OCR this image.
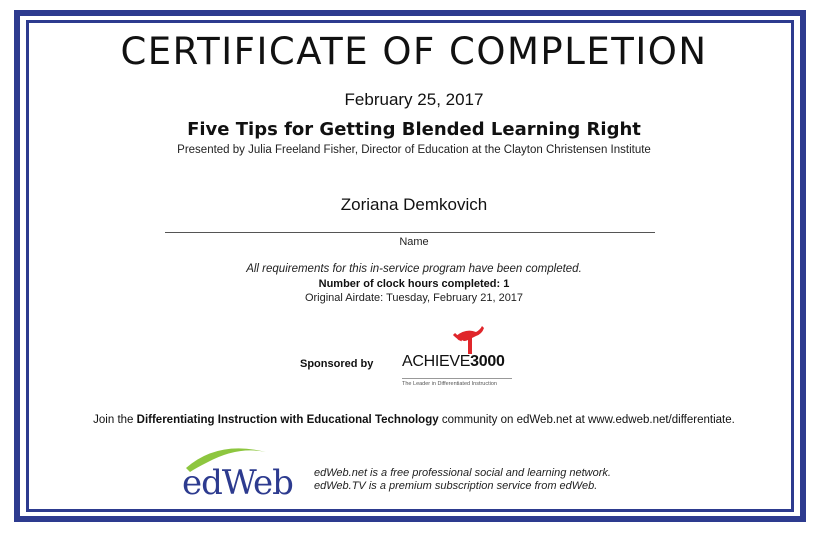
CERTIFICATE OF COMPLETION
February 25, 2017
Five Tips for Getting Blended Learning Right
Presented by Julia Freeland Fisher, Director of Education at the Clayton Christensen Institute
Zoriana Demkovich
Name
All requirements for this in-service program have been completed.
Number of clock hours completed: 1
Original Airdate: Tuesday, February 21, 2017
Sponsored by ACHIEVE3000
The Leader in Differentiated Instruction
Join the Differentiating Instruction with Educational Technology community on edWeb.net at www.edweb.net/differentiate.
edWeb edWeb.net is a free professional social and learning network.
edWeb.TV is a premium subscription service from edWeb.
